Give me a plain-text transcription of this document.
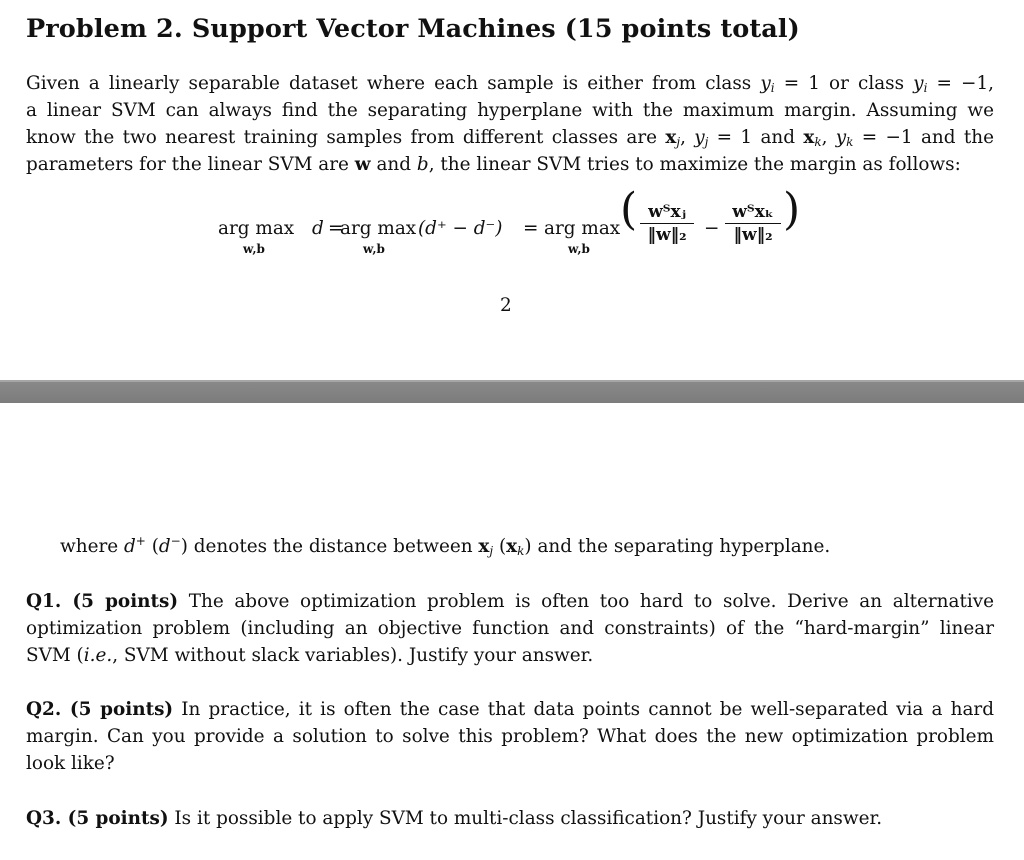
Problem 2. Support Vector Machines (15 points total)
Given a linearly separable dataset where each sample is either from class $y_i = 1$ or class $y_i = -1$,
a linear SVM can always find the separating hyperplane with the maximum margin. Assuming we
know the two nearest training samples from different classes are $x_j$, $y_j = 1$ and $x_k$, $y_k = -1$ and the
parameters for the linear SVM are w and b, the linear SVM tries to maximize the margin as follows:
arg max
w,b
d =
arg max
w,b
(d⁺ − d⁻) = arg max
w,b
( wᵀxⱼ
‖w‖₂ −
wᵀxₖ
‖w‖₂ )
2
where d+ (d−) denotes the distance between $x_j$ $(x_k)$ and the separating hyperplane.
Q1. (5 points) The above optimization problem is often too hard to solve. Derive an alternative
optimization problem (including an objective function and constraints) of the “hard-margin” linear
SVM (i.e., SVM without slack variables). Justify your answer.
Q2. (5 points) In practice, it is often the case that data points cannot be well-separated via a hard
margin. Can you provide a solution to solve this problem? What does the new optimization problem
look like?
Q3. (5 points) Is it possible to apply SVM to multi-class classification? Justify your answer.
